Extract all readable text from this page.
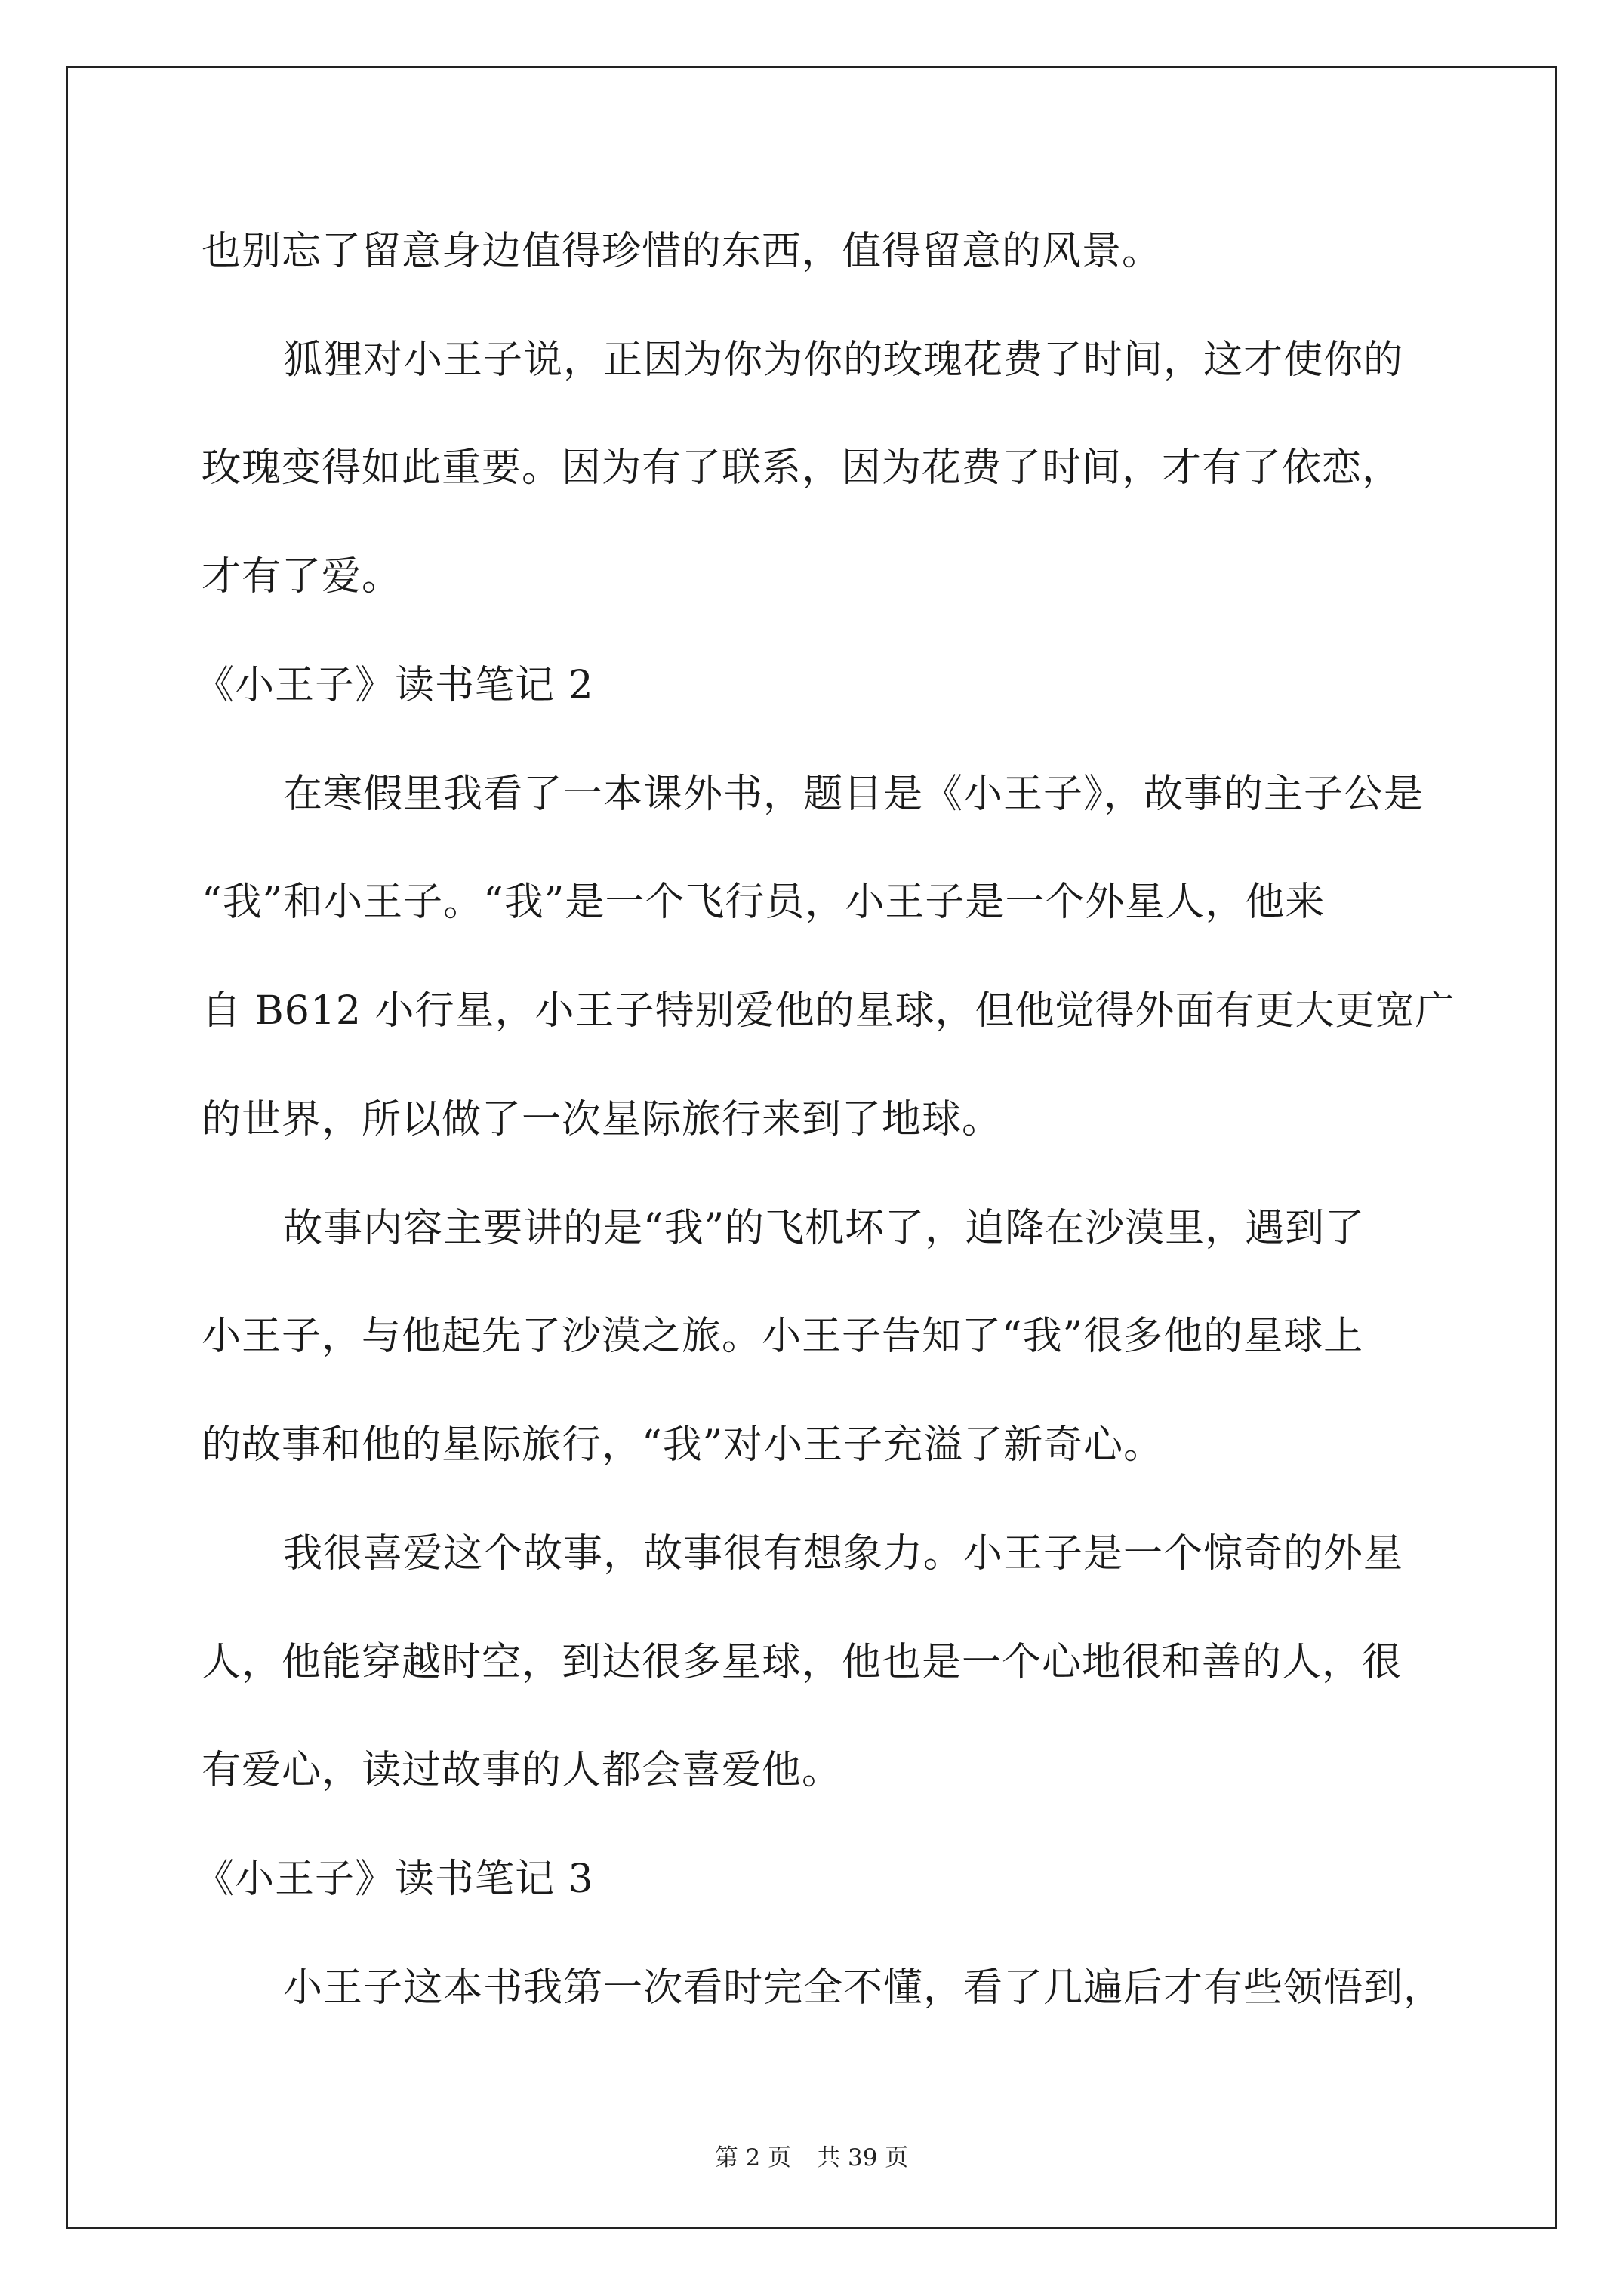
也别忘了留意身边值得珍惜的东西，值得留意的风景。
狐狸对小王子说，正因为你为你的玫瑰花费了时间，这才使你的
玫瑰变得如此重要。因为有了联系，因为花费了时间，才有了依恋，
才有了爱。
《小王子》读书笔记 2
在寒假里我看了一本课外书，题目是《小王子》，故事的主子公是
“我”和小王子。“我”是一个飞行员，小王子是一个外星人，他来
自 B612 小行星，小王子特别爱他的星球，但他觉得外面有更大更宽广
的世界，所以做了一次星际旅行来到了地球。
故事内容主要讲的是“我”的飞机坏了，迫降在沙漠里，遇到了
小王子，与他起先了沙漠之旅。小王子告知了“我”很多他的星球上
的故事和他的星际旅行，“我”对小王子充溢了新奇心。
我很喜爱这个故事，故事很有想象力。小王子是一个惊奇的外星
人，他能穿越时空，到达很多星球，他也是一个心地很和善的人，很
有爱心，读过故事的人都会喜爱他。
《小王子》读书笔记 3
小王子这本书我第一次看时完全不懂，看了几遍后才有些领悟到，
第 2 页 共 39 页
